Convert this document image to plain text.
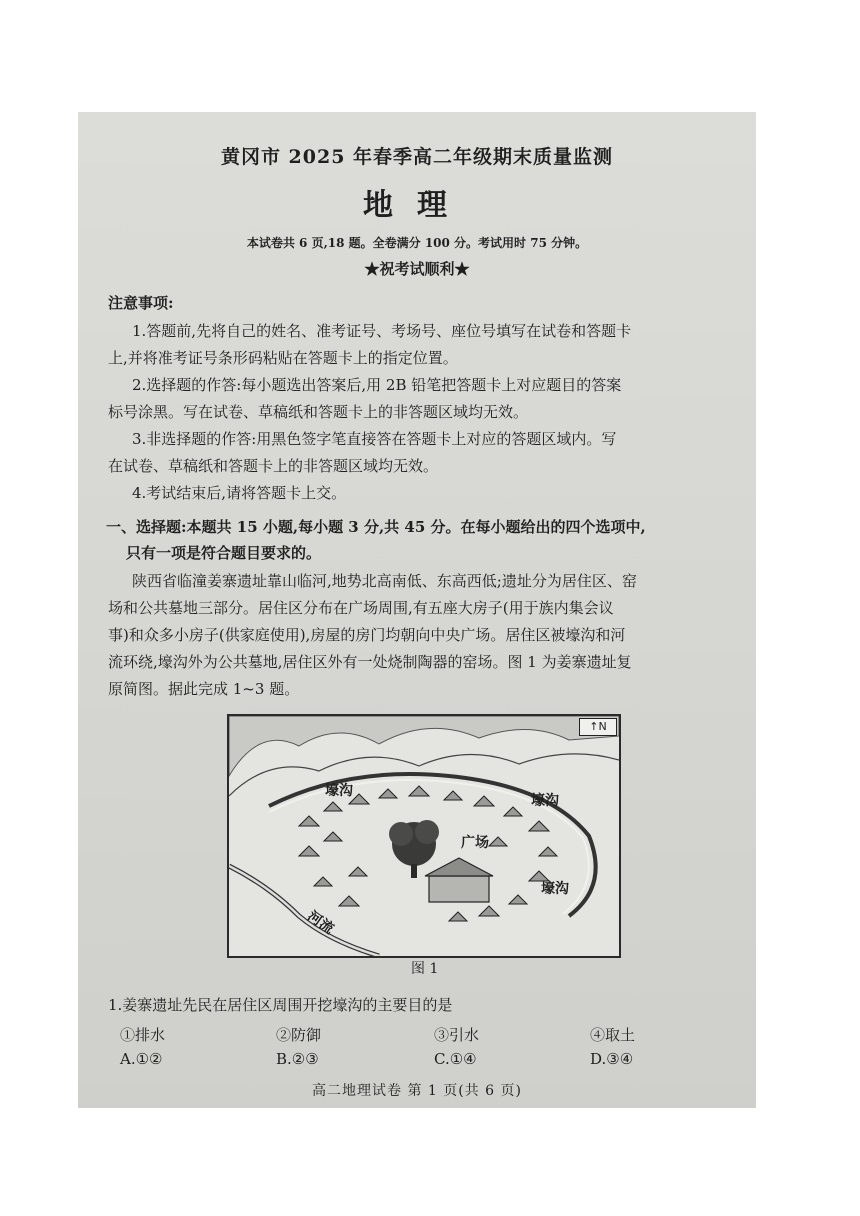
黄冈市 2025 年春季高二年级期末质量监测
地理
本试卷共 6 页,18 题。全卷满分 100 分。考试用时 75 分钟。
★祝考试顺利★
注意事项:
1.答题前,先将自己的姓名、准考证号、考场号、座位号填写在试卷和答题卡
上,并将准考证号条形码粘贴在答题卡上的指定位置。
2.选择题的作答:每小题选出答案后,用 2B 铅笔把答题卡上对应题目的答案
标号涂黑。写在试卷、草稿纸和答题卡上的非答题区域均无效。
3.非选择题的作答:用黑色签字笔直接答在答题卡上对应的答题区域内。写
在试卷、草稿纸和答题卡上的非答题区域均无效。
4.考试结束后,请将答题卡上交。
一、选择题:本题共 15 小题,每小题 3 分,共 45 分。在每小题给出的四个选项中,
只有一项是符合题目要求的。
陕西省临潼姜寨遗址靠山临河,地势北高南低、东高西低;遗址分为居住区、窑
场和公共墓地三部分。居住区分布在广场周围,有五座大房子(用于族内集会议
事)和众多小房子(供家庭使用),房屋的房门均朝向中央广场。居住区被壕沟和河
流环绕,壕沟外为公共墓地,居住区外有一处烧制陶器的窑场。图 1 为姜寨遗址复
原简图。据此完成 1~3 题。
↑N
壕沟
壕沟
壕沟
广场
河流
图 1
1.姜寨遗址先民在居住区周围开挖壕沟的主要目的是
①排水	②防御	③引水	④取土
A.①②	B.②③	C.①④	D.③④
高二地理试卷 第 1 页(共 6 页)
